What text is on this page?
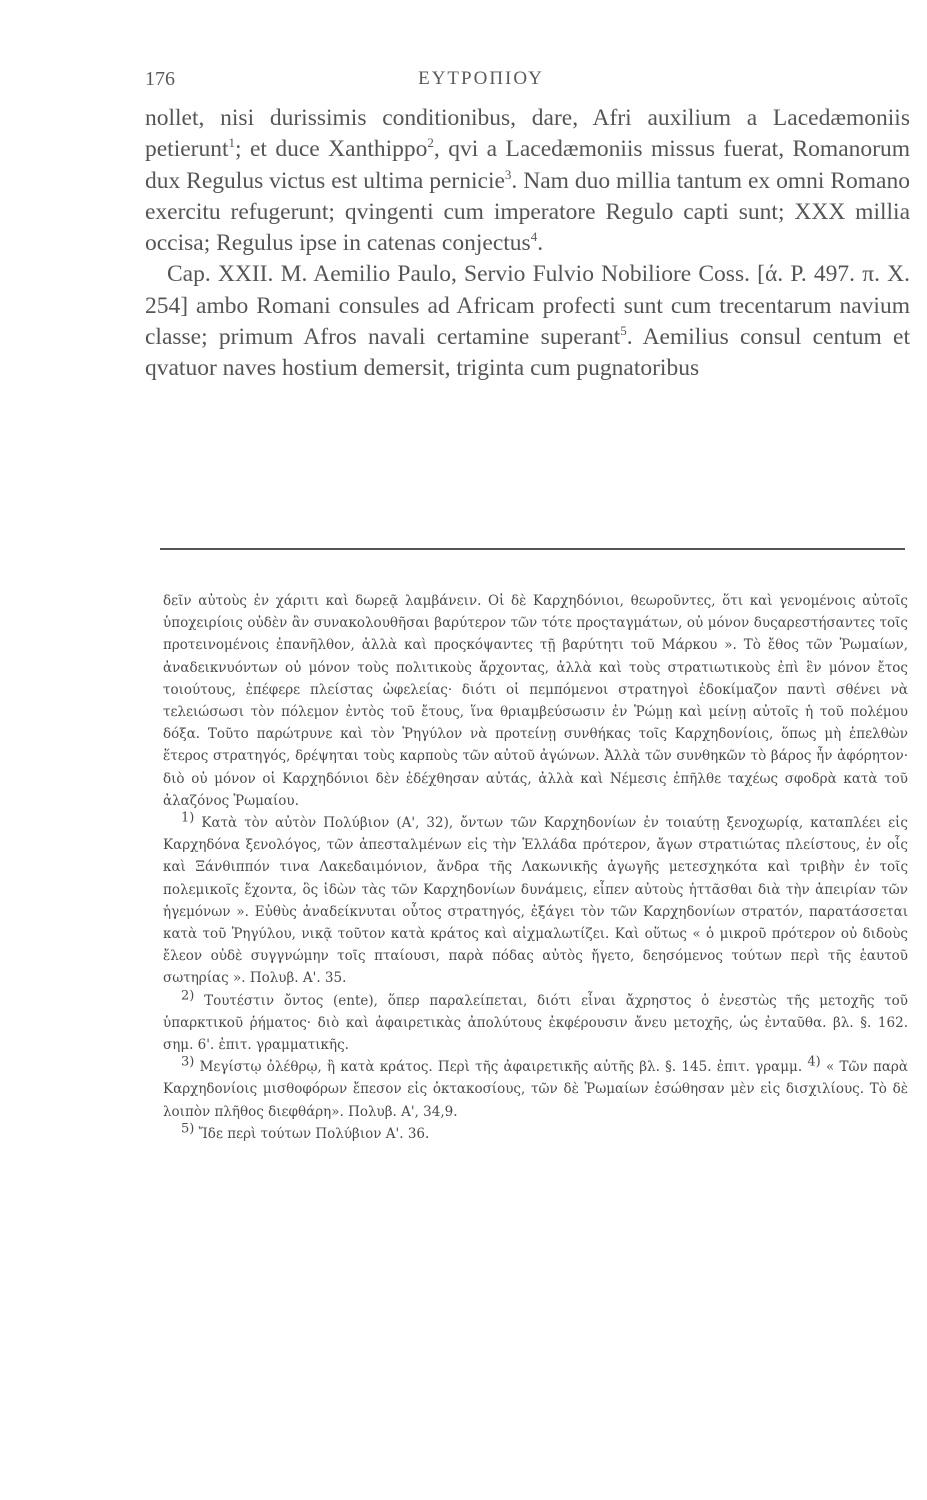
176	ΕΥΤΡΟΠΙΟΥ

nollet, nisi durissimis conditionibus, dare, Afri auxilium a Lacedæmoniis petierunt$^1$; et duce Xanthippo$^2$, qvi a Lacedæmoniis missus fuerat, Romanorum dux Regulus victus est ultima pernicie$^3$. Nam duo millia tantum ex omni Romano exercitu refugerunt; qvingenti cum imperatore Regulo capti sunt; XXX millia occisa; Regulus ipse in catenas conjectus$^4$.

Cap. XXII. M. Aemilio Paulo, Servio Fulvio Nobiliore Coss. [ά. Ρ. 497. π. Χ. 254] ambo Romani consules ad Africam profecti sunt cum trecentarum navium classe; primum Afros navali certamine superant$^5$. Aemilius consul centum et qvatuor naves hostium demersit, triginta cum pugnatoribus

δεῖν αὐτοὺς ἐν χάριτι καὶ δωρεᾷ λαμβάνειν. Οἱ δὲ Καρχηδόνιοι, θεωροῦντες, ὅτι καὶ γενομένοις αὐτοῖς ὑποχειρίοις οὐδὲν ἂν συνακολουθῆσαι βαρύτερον τῶν τότε προςταγμάτων, οὐ μόνον δυςαρεστήσαντες τοῖς προτεινομένοις ἐπανῆλθον, ἀλλὰ καὶ προςκόψαντες τῇ βαρύτητι τοῦ Μάρκου ». Τὸ ἔθος τῶν Ῥωμαίων, ἀναδεικνυόντων οὐ μόνον τοὺς πολιτικοὺς ἄρχοντας, ἀλλὰ καὶ τοὺς στρατιωτικοὺς ἐπὶ ἓν μόνον ἔτος τοιούτους, ἐπέφερε πλείστας ὠφελείας· διότι οἱ πεμπόμενοι στρατηγοὶ ἐδοκίμαζον παντὶ σθένει νὰ τελειώσωσι τὸν πόλεμον ἐντὸς τοῦ ἔτους, ἵνα θριαμβεύσωσιν ἐν Ῥώμῃ καὶ μείνῃ αὐτοῖς ἡ τοῦ πολέμου δόξα. Τοῦτο παρώτρυνε καὶ τὸν Ῥηγύλον νὰ προτείνῃ συνθήκας τοῖς Καρχηδονίοις, ὅπως μὴ ἐπελθὼν ἕτερος στρατηγός, δρέψηται τοὺς καρποὺς τῶν αὐτοῦ ἀγώνων. Ἀλλὰ τῶν συνθηκῶν τὸ βάρος ἦν ἀφόρητον· διὸ οὐ μόνον οἱ Καρχηδόνιοι δὲν ἐδέχθησαν αὐτάς, ἀλλὰ καὶ Νέμεσις ἐπῆλθε ταχέως σφοδρὰ κατὰ τοῦ ἀλαζόνος Ῥωμαίου.

$^{1)}$ Κατὰ τὸν αὐτὸν Πολύβιον (Α', 32), ὄντων τῶν Καρχηδονίων ἐν τοιαύτῃ ξενοχωρίᾳ, καταπλέει εἰς Καρχηδόνα ξενολόγος, τῶν ἀπεσταλμένων εἰς τὴν Ἑλλάδα πρότερον, ἄγων στρατιώτας πλείστους, ἐν οἷς καὶ Ξάνθιππόν τινα Λακεδαιμόνιον, ἄνδρα τῆς Λακωνικῆς ἀγωγῆς μετεσχηκότα καὶ τριβὴν ἐν τοῖς πολεμικοῖς ἔχοντα, ὃς ἰδὼν τὰς τῶν Καρχηδονίων δυνάμεις, εἶπεν αὐτοὺς ἡττᾶσθαι διὰ τὴν ἀπειρίαν τῶν ἡγεμόνων ». Εὐθὺς ἀναδείκνυται οὗτος στρατηγός, ἐξάγει τὸν τῶν Καρχηδονίων στρατόν, παρατάσσεται κατὰ τοῦ Ῥηγύλου, νικᾷ τοῦτον κατὰ κράτος καὶ αἰχμαλωτίζει. Καὶ οὕτως « ὁ μικροῦ πρότερον οὐ διδοὺς ἔλεον οὐδὲ συγγνώμην τοῖς πταίουσι, παρὰ πόδας αὐτὸς ἤγετο, δεησόμενος τούτων περὶ τῆς ἑαυτοῦ σωτηρίας ». Πολυβ. Α'. 35.

$^{2)}$ Τουτέστιν ὄντος (ente), ὅπερ παραλείπεται, διότι εἶναι ἄχρηστος ὁ ἐνεστὼς τῆς μετοχῆς τοῦ ὑπαρκτικοῦ ῥήματος· διὸ καὶ ἀφαιρετικὰς ἀπολύτους ἐκφέρουσιν ἄνευ μετοχῆς, ὡς ἐνταῦθα. βλ. §. 162. σημ. 6'. ἐπιτ. γραμματικῆς.

$^{3)}$ Μεγίστῳ ὀλέθρῳ, ἢ κατὰ κράτος. Περὶ τῆς ἀφαιρετικῆς αὐτῆς βλ. §. 145. ἐπιτ. γραμμ. $^{4)}$ « Τῶν παρὰ Καρχηδονίοις μισθοφόρων ἔπεσον εἰς ὀκτακοσίους, τῶν δὲ Ῥωμαίων ἐσώθησαν μὲν εἰς δισχιλίους. Τὸ δὲ λοιπὸν πλῆθος διεφθάρη». Πολυβ. Α', 34,9.

$^{5)}$ Ἴδε περὶ τούτων Πολύβιον Α'. 36.
